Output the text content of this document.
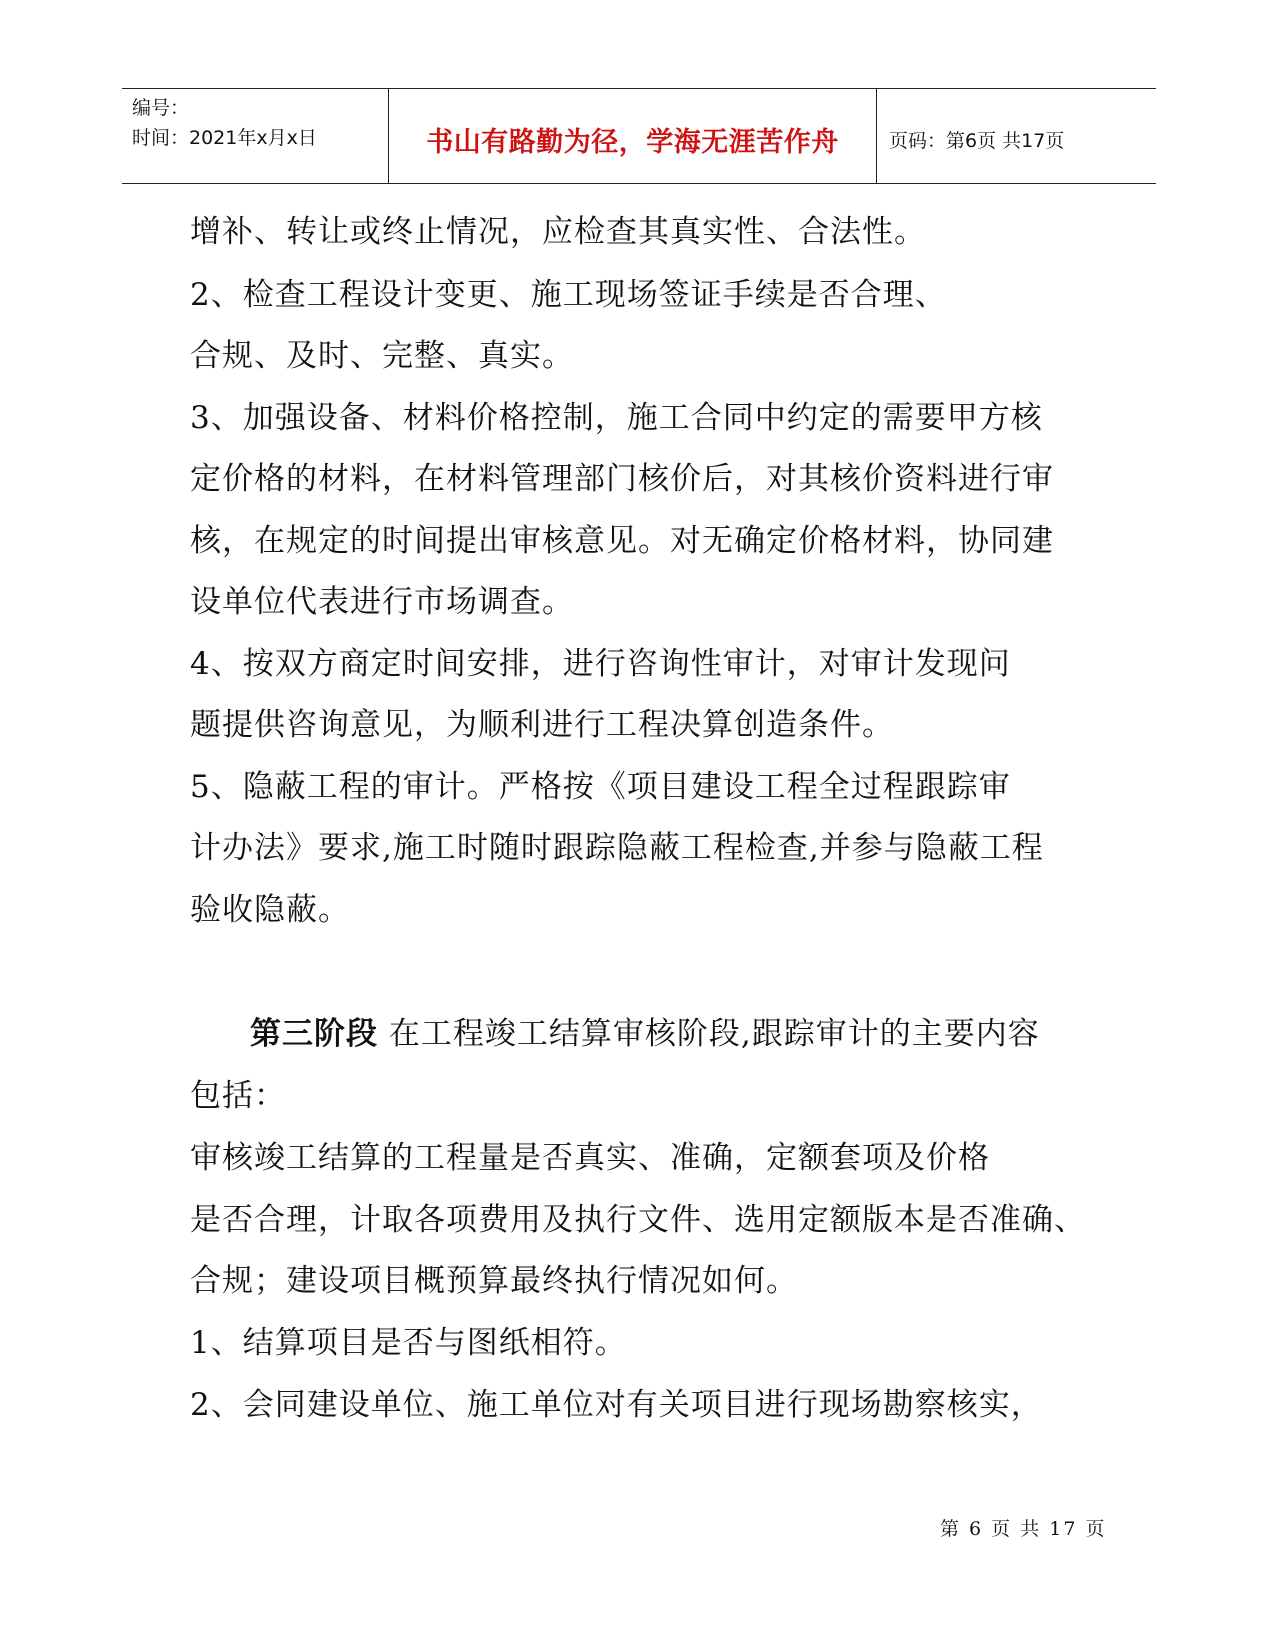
编号：
时间：2021年x月x日	书山有路勤为径，学海无涯苦作舟	页码：第6页 共17页
增补、转让或终止情况，应检查其真实性、合法性。
2、检查工程设计变更、施工现场签证手续是否合理、
合规、及时、完整、真实。
3、加强设备、材料价格控制，施工合同中约定的需要甲方核
定价格的材料，在材料管理部门核价后，对其核价资料进行审
核，在规定的时间提出审核意见。对无确定价格材料，协同建
设单位代表进行市场调查。
4、按双方商定时间安排，进行咨询性审计，对审计发现问
题提供咨询意见，为顺利进行工程决算创造条件。
5、隐蔽工程的审计。严格按《项目建设工程全过程跟踪审
计办法》要求,施工时随时跟踪隐蔽工程检查,并参与隐蔽工程
验收隐蔽。
第三阶段 在工程竣工结算审核阶段,跟踪审计的主要内容
包括：
审核竣工结算的工程量是否真实、准确，定额套项及价格
是否合理，计取各项费用及执行文件、选用定额版本是否准确、
合规；建设项目概预算最终执行情况如何。
1、结算项目是否与图纸相符。
2、会同建设单位、施工单位对有关项目进行现场勘察核实，
第 6 页 共 17 页
